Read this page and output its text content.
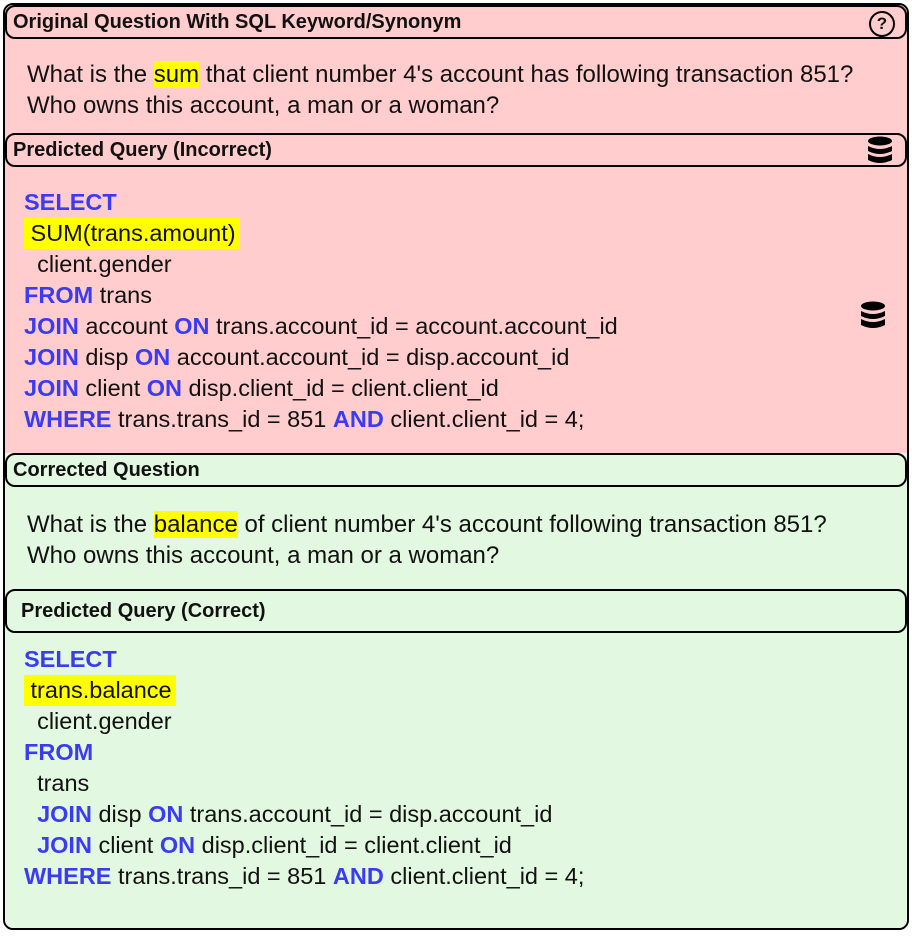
Original Question With SQL Keyword/Synonym	?
What is the sum that client number 4's account has following transaction 851? Who owns this account, a man or a woman?
Predicted Query (Incorrect)
SELECT
SUM(trans.amount)
client.gender
FROM trans
JOIN account ON trans.account_id = account.account_id
JOIN disp ON account.account_id = disp.account_id
JOIN client ON disp.client_id = client.client_id
WHERE trans.trans_id = 851 AND client.client_id = 4;
Corrected Question
What is the balance of client number 4's account following transaction 851? Who owns this account, a man or a woman?
Predicted Query (Correct)
SELECT
trans.balance
client.gender
FROM
trans
JOIN disp ON trans.account_id = disp.account_id
JOIN client ON disp.client_id = client.client_id
WHERE trans.trans_id = 851 AND client.client_id = 4;
